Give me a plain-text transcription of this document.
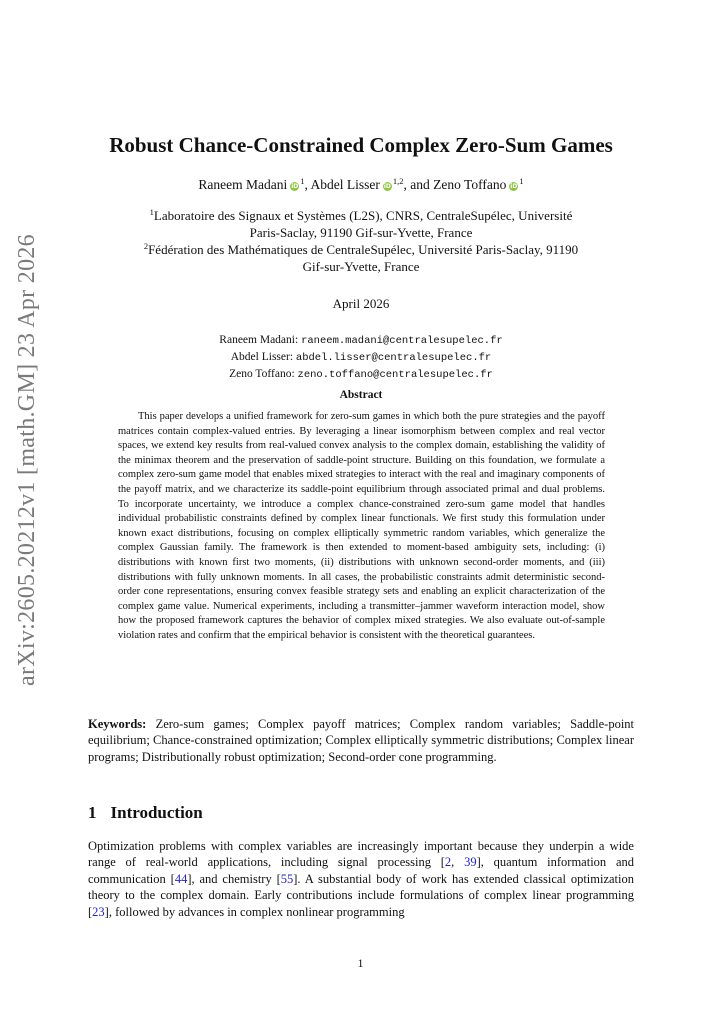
arXiv:2605.20212v1 [math.GM] 23 Apr 2026
Robust Chance-Constrained Complex Zero-Sum Games
Raneem Madani $iD^1$, Abdel Lisser iD$^{1,2}$, and Zeno Toffano $iD^1$
$^1$Laboratoire des Signaux et Systèmes (L2S), CNRS, CentraleSupélec, Université
Paris-Saclay, 91190 Gif-sur-Yvette, France
$^2$Fédération des Mathématiques de CentraleSupélec, Université Paris-Saclay, 91190
Gif-sur-Yvette, France
April 2026
Raneem Madani: raneem.madani@centralesupelec.fr
Abdel Lisser: abdel.lisser@centralesupelec.fr
Zeno Toffano: zeno.toffano@centralesupelec.fr
Abstract

This paper develops a unified framework for zero-sum games in which both the pure strategies and the payoff matrices contain complex-valued entries. By leveraging a linear isomorphism between complex and real vector spaces, we extend key results from real-valued convex analysis to the complex domain, establishing the validity of the minimax theorem and the preservation of saddle-point structure. Building on this foundation, we formulate a complex zero-sum game model that enables mixed strategies to interact with the real and imaginary components of the payoff matrix, and we characterize its saddle-point equilibrium through associated primal and dual problems. To incorporate uncertainty, we introduce a complex chance-constrained zero-sum game model that handles individual probabilistic constraints defined by complex linear functionals. We first study this formulation under known exact distributions, focusing on complex elliptically symmetric random variables, which generalize the complex Gaussian family. The framework is then extended to moment-based ambiguity sets, including: (i) distributions with known first two moments, (ii) distributions with unknown second-order moments, and (iii) distributions with fully unknown moments. In all cases, the probabilistic constraints admit deterministic second-order cone representations, ensuring convex feasible strategy sets and enabling an explicit characterization of the complex game value. Numerical experiments, including a transmitter–jammer waveform interaction model, show how the proposed framework captures the behavior of complex mixed strategies. We also evaluate out-of-sample violation rates and confirm that the empirical behavior is consistent with the theoretical guarantees.

Keywords: Zero-sum games; Complex payoff matrices; Complex random variables; Saddle-point equilibrium; Chance-constrained optimization; Complex elliptically symmetric distributions; Complex linear programs; Distributionally robust optimization; Second-order cone programming.

1 Introduction

Optimization problems with complex variables are increasingly important because they underpin a wide range of real-world applications, including signal processing [2, 39], quantum information and communication [44], and chemistry [55]. A substantial body of work has extended classical optimization theory to the complex domain. Early contributions include formulations of complex linear programming [23], followed by advances in complex nonlinear programming

1
